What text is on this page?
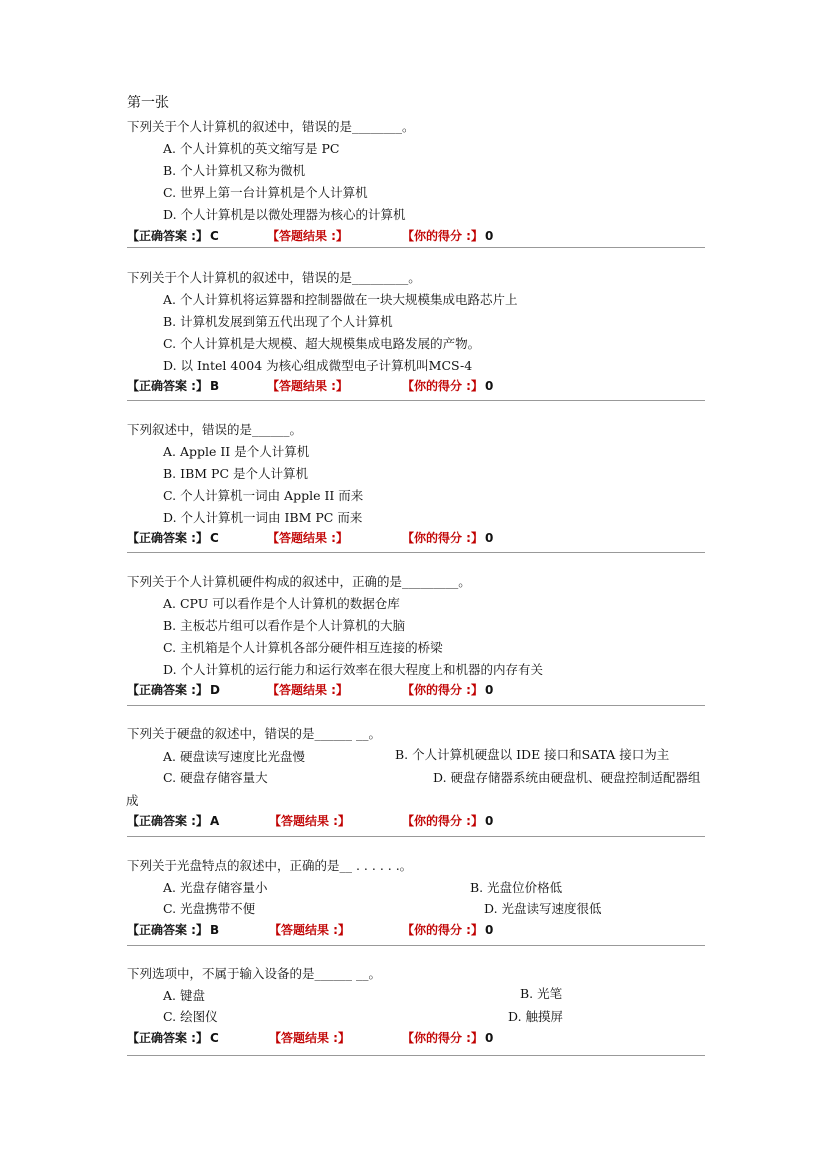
第一张
下列关于个人计算机的叙述中，错误的是________。
A. 个人计算机的英文缩写是 PC
B. 个人计算机又称为微机
C. 世界上第一台计算机是个人计算机
D. 个人计算机是以微处理器为核心的计算机
【正确答案 :】 C	【答题结果 :】	【你的得分 :】 0
下列关于个人计算机的叙述中，错误的是_________。
A. 个人计算机将运算器和控制器做在一块大规模集成电路芯片上
B. 计算机发展到第五代出现了个人计算机
C. 个人计算机是大规模、超大规模集成电路发展的产物。
D. 以 Intel 4004 为核心组成微型电子计算机叫MCS-4
【正确答案 :】 B	【答题结果 :】	【你的得分 :】 0
下列叙述中，错误的是______。
A. Apple II 是个人计算机
B. IBM PC 是个人计算机
C. 个人计算机一词由 Apple II 而来
D. 个人计算机一词由 IBM PC 而来
【正确答案 :】 C	【答题结果 :】	【你的得分 :】 0
下列关于个人计算机硬件构成的叙述中，正确的是_________。
A. CPU 可以看作是个人计算机的数据仓库
B. 主板芯片组可以看作是个人计算机的大脑
C. 主机箱是个人计算机各部分硬件相互连接的桥梁
D. 个人计算机的运行能力和运行效率在很大程度上和机器的内存有关
【正确答案 :】 D	【答题结果 :】	【你的得分 :】 0
下列关于硬盘的叙述中，错误的是______ __。
A. 硬盘读写速度比光盘慢	B. 个人计算机硬盘以 IDE 接口和SATA 接口为主
C. 硬盘存储容量大	D. 硬盘存储器系统由硬盘机、硬盘控制适配器组
成
【正确答案 :】 A	【答题结果 :】	【你的得分 :】 0
下列关于光盘特点的叙述中，正确的是__ . . . . . .。
A. 光盘存储容量小	B. 光盘位价格低
C. 光盘携带不便	D. 光盘读写速度很低
【正确答案 :】 B	【答题结果 :】	【你的得分 :】 0
下列选项中，不属于输入设备的是______ __。
A. 键盘	B. 光笔
C. 绘图仪	D. 触摸屏
【正确答案 :】 C	【答题结果 :】	【你的得分 :】 0
